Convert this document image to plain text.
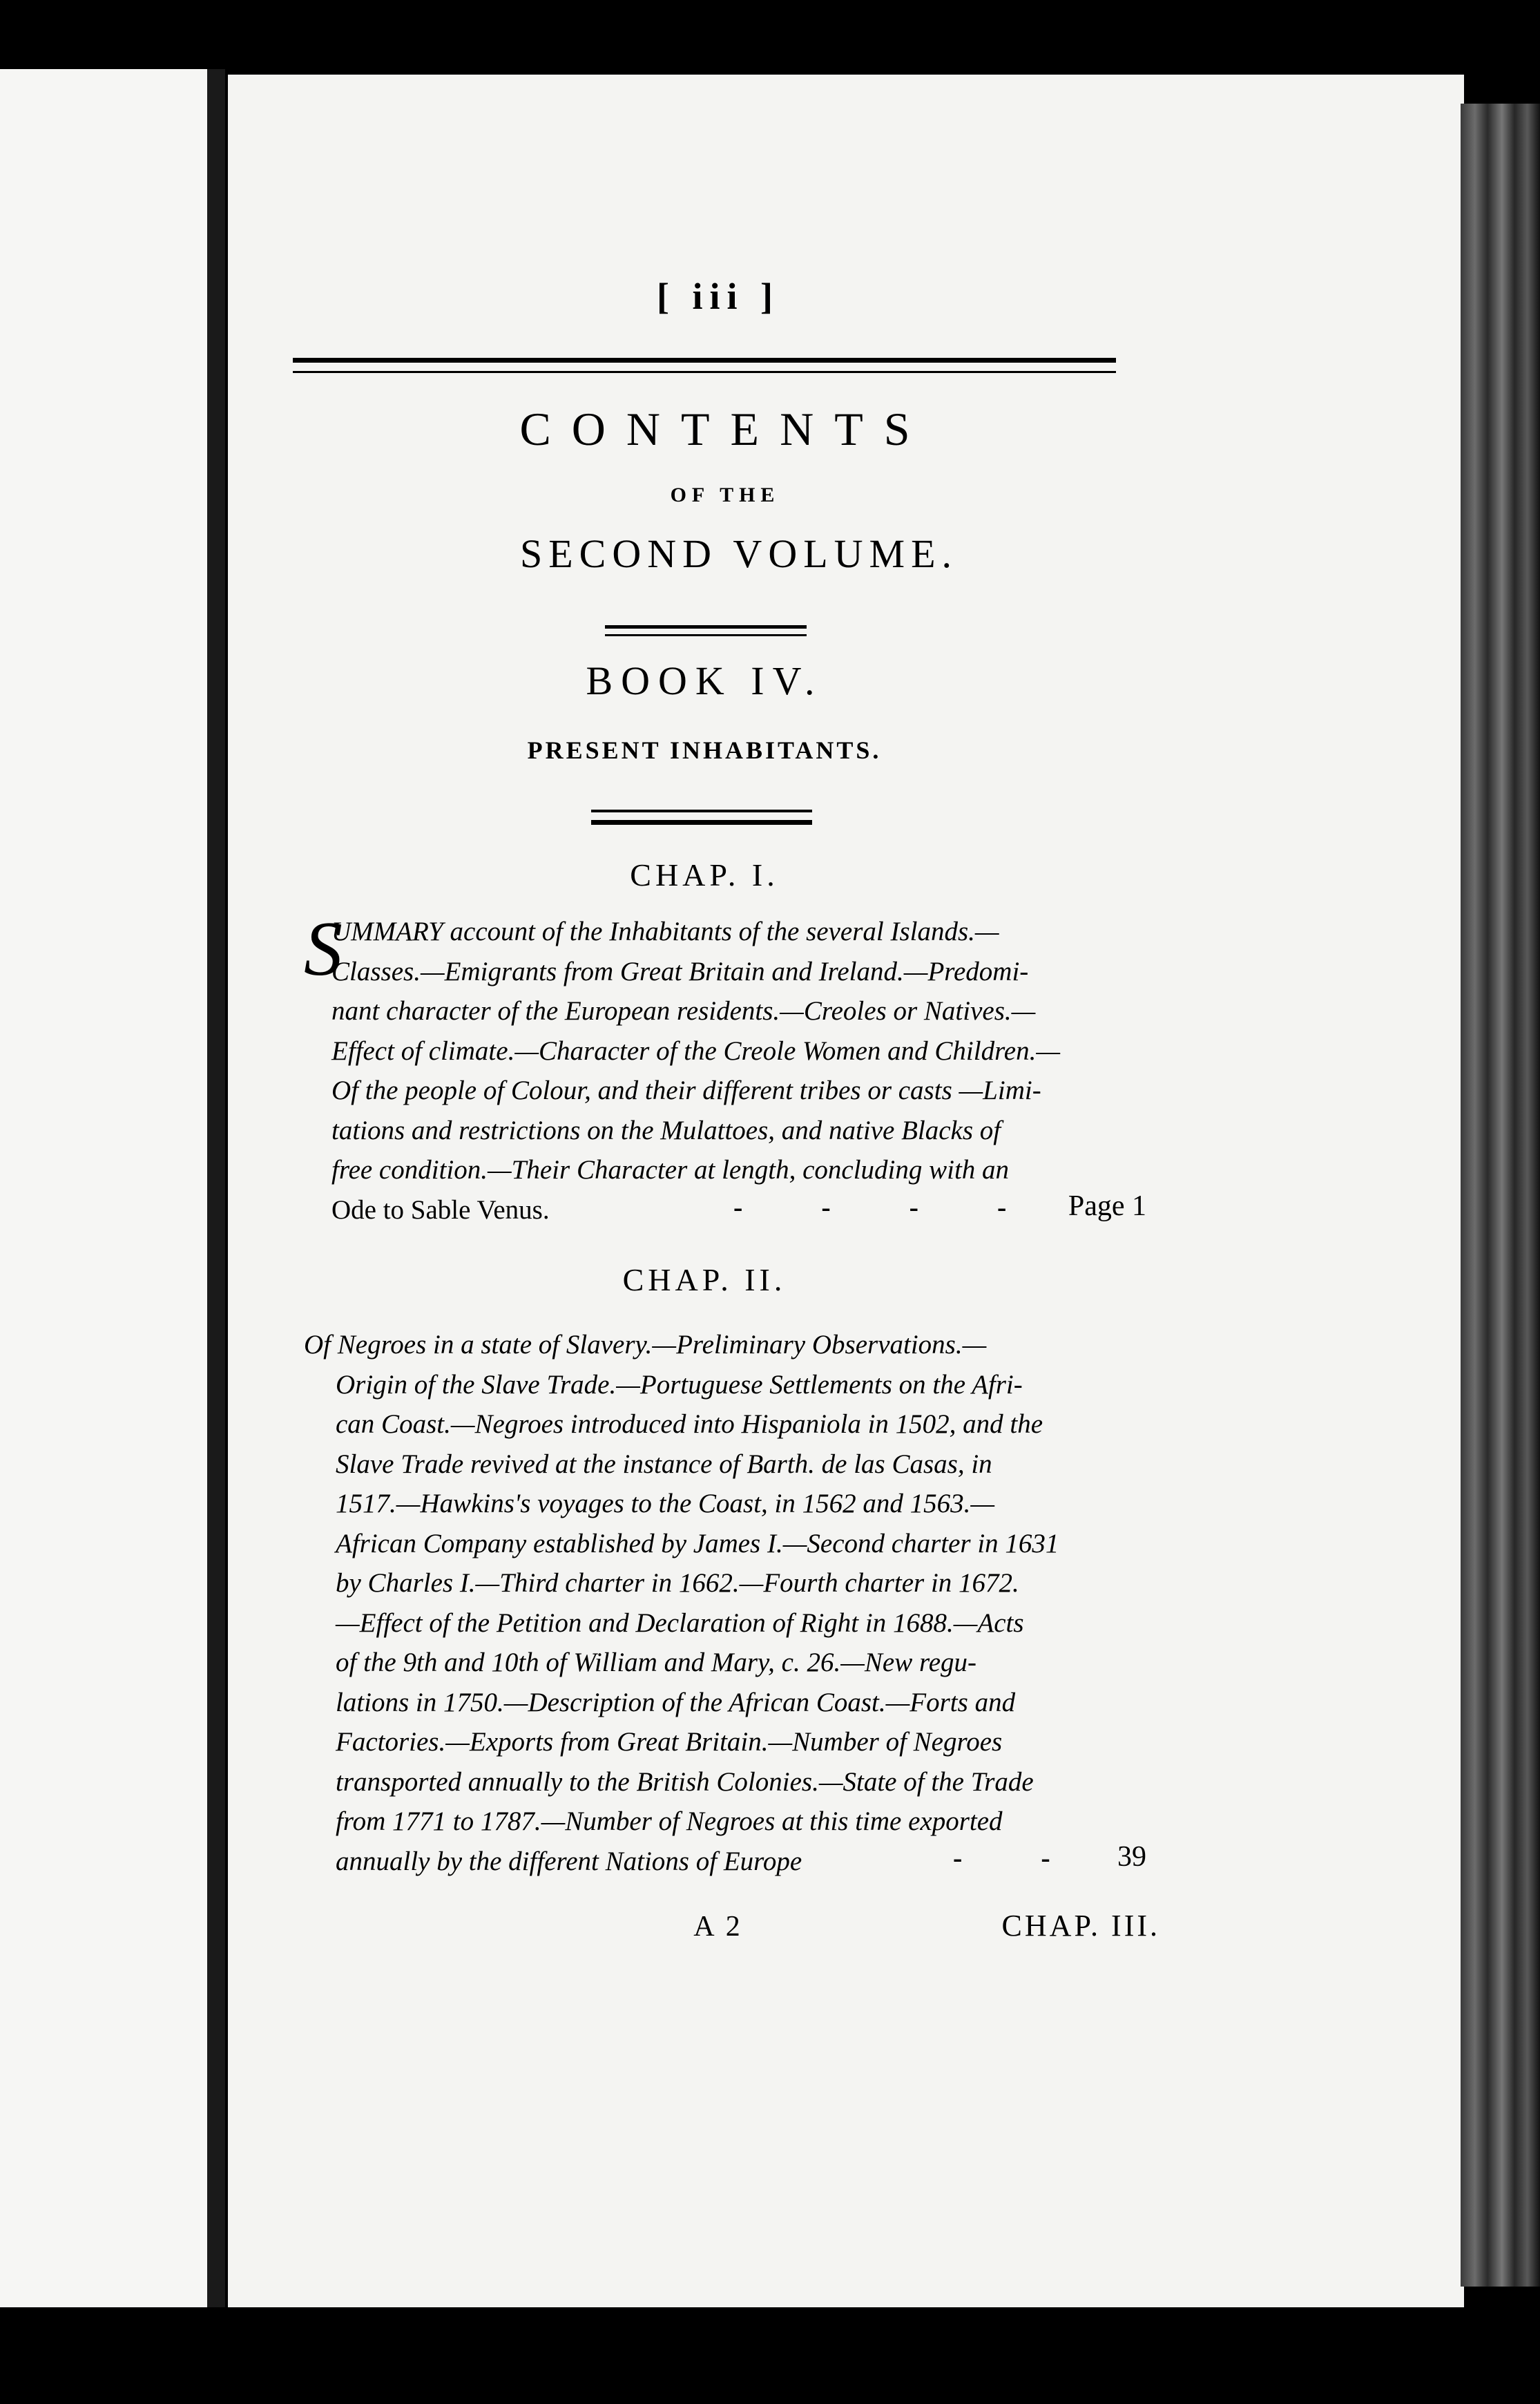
[ iii ]
CONTENTS
OF THE
SECOND VOLUME.
BOOK IV.
PRESENT INHABITANTS.
CHAP. I.
S
UMMARY account of the Inhabitants of the several Islands.—
Classes.—Emigrants from Great Britain and Ireland.—Predomi-
nant character of the European residents.—Creoles or Natives.—
Effect of climate.—Character of the Creole Women and Children.—
Of the people of Colour, and their different tribes or casts —Limi-
tations and restrictions on the Mulattoes, and native Blacks of
free condition.—Their Character at length, concluding with an
Ode to Sable Venus.	- - - - Page 1
CHAP. II.
Of Negroes in a state of Slavery.—Preliminary Observations.—
Origin of the Slave Trade.—Portuguese Settlements on the Afri-
can Coast.—Negroes introduced into Hispaniola in 1502, and the
Slave Trade revived at the instance of Barth. de las Casas, in
1517.—Hawkins's voyages to the Coast, in 1562 and 1563.—
African Company established by James I.—Second charter in 1631
by Charles I.—Third charter in 1662.—Fourth charter in 1672.
—Effect of the Petition and Declaration of Right in 1688.—Acts
of the 9th and 10th of William and Mary, c. 26.—New regu-
lations in 1750.—Description of the African Coast.—Forts and
Factories.—Exports from Great Britain.—Number of Negroes
transported annually to the British Colonies.—State of the Trade
from 1771 to 1787.—Number of Negroes at this time exported
annually by the different Nations of Europe	- -	39
A 2	CHAP. III.
